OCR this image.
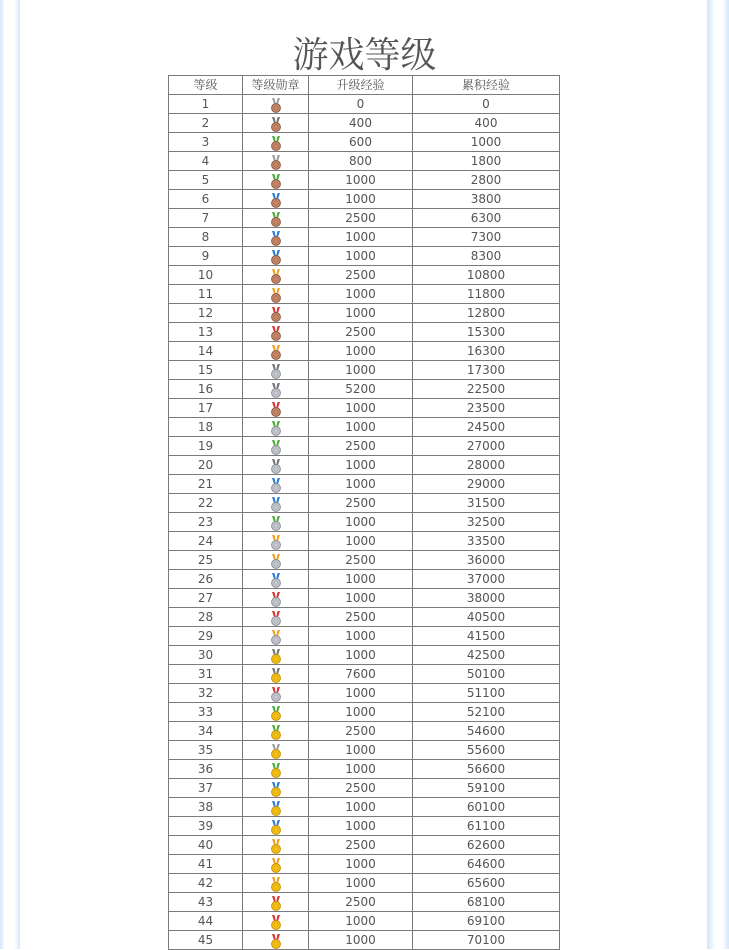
游戏等级
等级	等级勋章	升级经验	累积经验
1		0	0
2		400	400
3		600	1000
4		800	1800
5		1000	2800
6		1000	3800
7		2500	6300
8		1000	7300
9		1000	8300
10		2500	10800
11		1000	11800
12		1000	12800
13		2500	15300
14		1000	16300
15		1000	17300
16		5200	22500
17		1000	23500
18		1000	24500
19		2500	27000
20		1000	28000
21		1000	29000
22		2500	31500
23		1000	32500
24		1000	33500
25		2500	36000
26		1000	37000
27		1000	38000
28		2500	40500
29		1000	41500
30		1000	42500
31		7600	50100
32		1000	51100
33		1000	52100
34		2500	54600
35		1000	55600
36		1000	56600
37		2500	59100
38		1000	60100
39		1000	61100
40		2500	62600
41		1000	64600
42		1000	65600
43		2500	68100
44		1000	69100
45		1000	70100
